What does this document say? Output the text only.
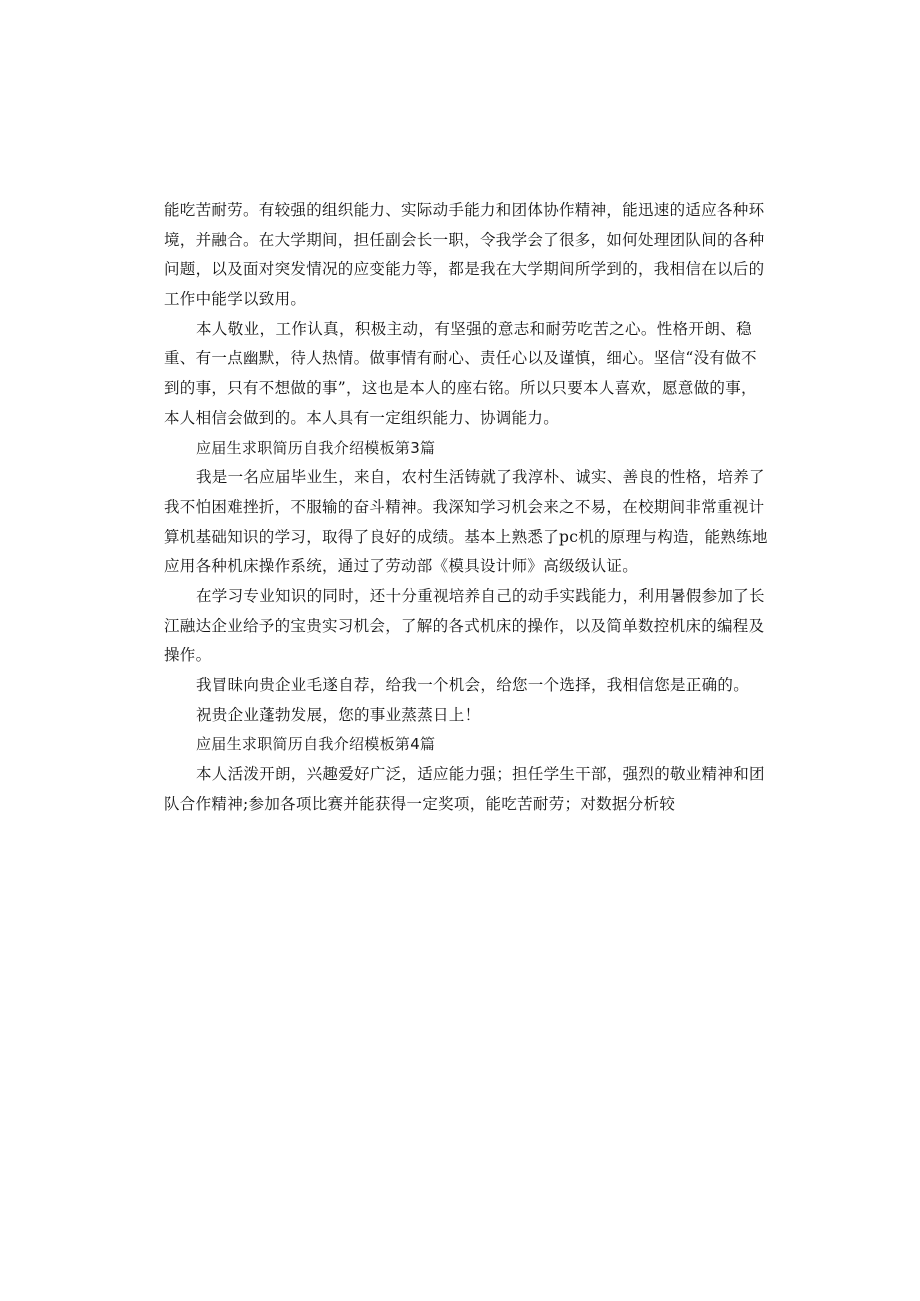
能吃苦耐劳。有较强的组织能力、实际动手能力和团体协作精神，能迅速的适应各种环
境，并融合。在大学期间，担任副会长一职，令我学会了很多，如何处理团队间的各种
问题，以及面对突发情况的应变能力等，都是我在大学期间所学到的，我相信在以后的
工作中能学以致用。
本人敬业，工作认真，积极主动，有坚强的意志和耐劳吃苦之心。性格开朗、稳
重、有一点幽默，待人热情。做事情有耐心、责任心以及谨慎，细心。坚信“没有做不
到的事，只有不想做的事”，这也是本人的座右铭。所以只要本人喜欢，愿意做的事，
本人相信会做到的。本人具有一定组织能力、协调能力。
应届生求职简历自我介绍模板第3篇
我是一名应届毕业生，来自，农村生活铸就了我淳朴、诚实、善良的性格，培养了
我不怕困难挫折，不服输的奋斗精神。我深知学习机会来之不易，在校期间非常重视计
算机基础知识的学习，取得了良好的成绩。基本上熟悉了pc机的原理与构造，能熟练地
应用各种机床操作系统，通过了劳动部《模具设计师》高级级认证。
在学习专业知识的同时，还十分重视培养自己的动手实践能力，利用暑假参加了长
江融达企业给予的宝贵实习机会，了解的各式机床的操作，以及简单数控机床的编程及
操作。
我冒昧向贵企业毛遂自荐，给我一个机会，给您一个选择，我相信您是正确的。
祝贵企业蓬勃发展，您的事业蒸蒸日上！
应届生求职简历自我介绍模板第4篇
本人活泼开朗，兴趣爱好广泛，适应能力强；担任学生干部，强烈的敬业精神和团
队合作精神;参加各项比赛并能获得一定奖项，能吃苦耐劳；对数据分析较
